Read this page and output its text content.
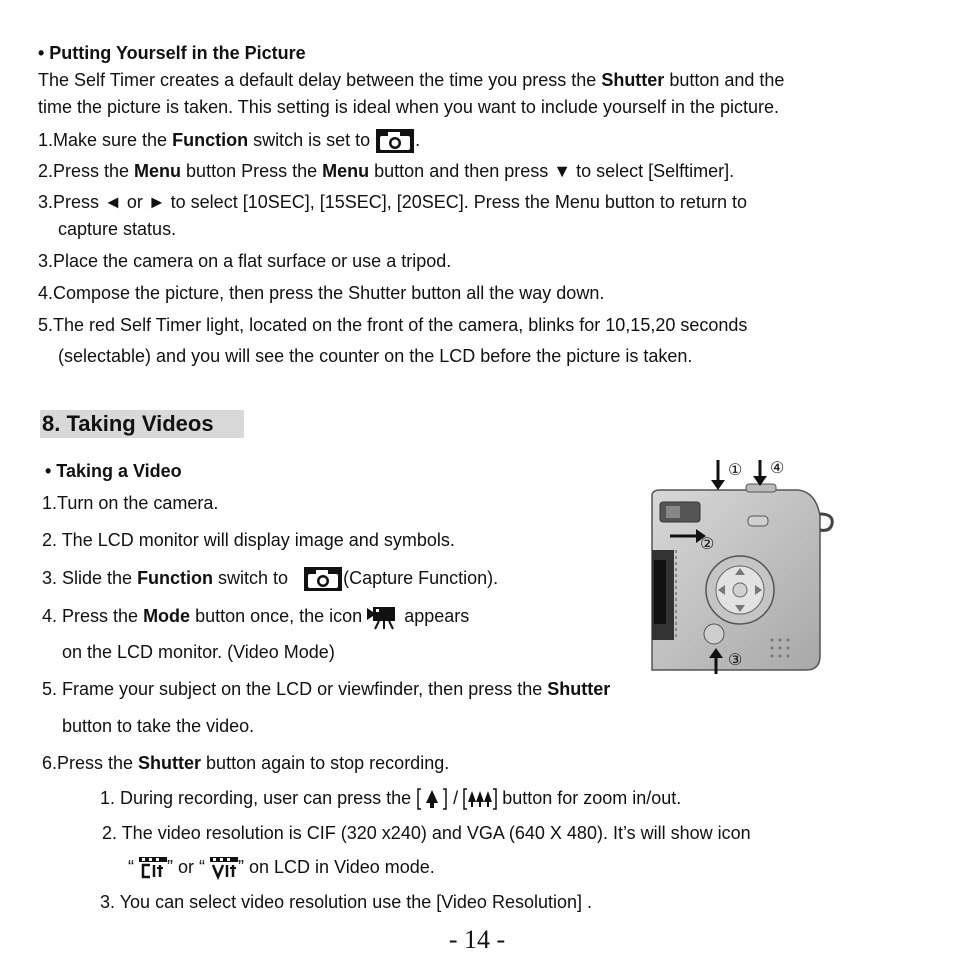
• Putting Yourself in the Picture
The Self Timer creates a default delay between the time you press the Shutter button and the
time the picture is taken. This setting is ideal when you want to include yourself in the picture.
1.Make sure the Function switch is set to .
2.Press the Menu button Press the Menu button and then press ▼ to select [Selftimer].
3.Press ◄ or ► to select [10SEC], [15SEC], [20SEC]. Press the Menu button to return to
capture status.
3.Place the camera on a flat surface or use a tripod.
4.Compose the picture, then press the Shutter button all the way down.
5.The red Self Timer light, located on the front of the camera, blinks for 10,15,20 seconds
(selectable) and you will see the counter on the LCD before the picture is taken.
8. Taking Videos
• Taking a Video
1.Turn on the camera.
2. The LCD monitor will display image and symbols.
3. Slide the Function switch to	(Capture Function).
4. Press the Mode button once, the icon  appears
on the LCD monitor. (Video Mode)
5. Frame your subject on the LCD or viewfinder, then press the Shutter
button to take the video.
6.Press the Shutter button again to stop recording.
1. During recording, user can press the  /  button for zoom in/out.
2. The video resolution is CIF (320 x240) and VGA (640 X 480). It’s will show icon
“ ” or “ ” on LCD in Video mode.
3. You can select video resolution use the [Video Resolution] .
① ④
②
③
- 14 -
